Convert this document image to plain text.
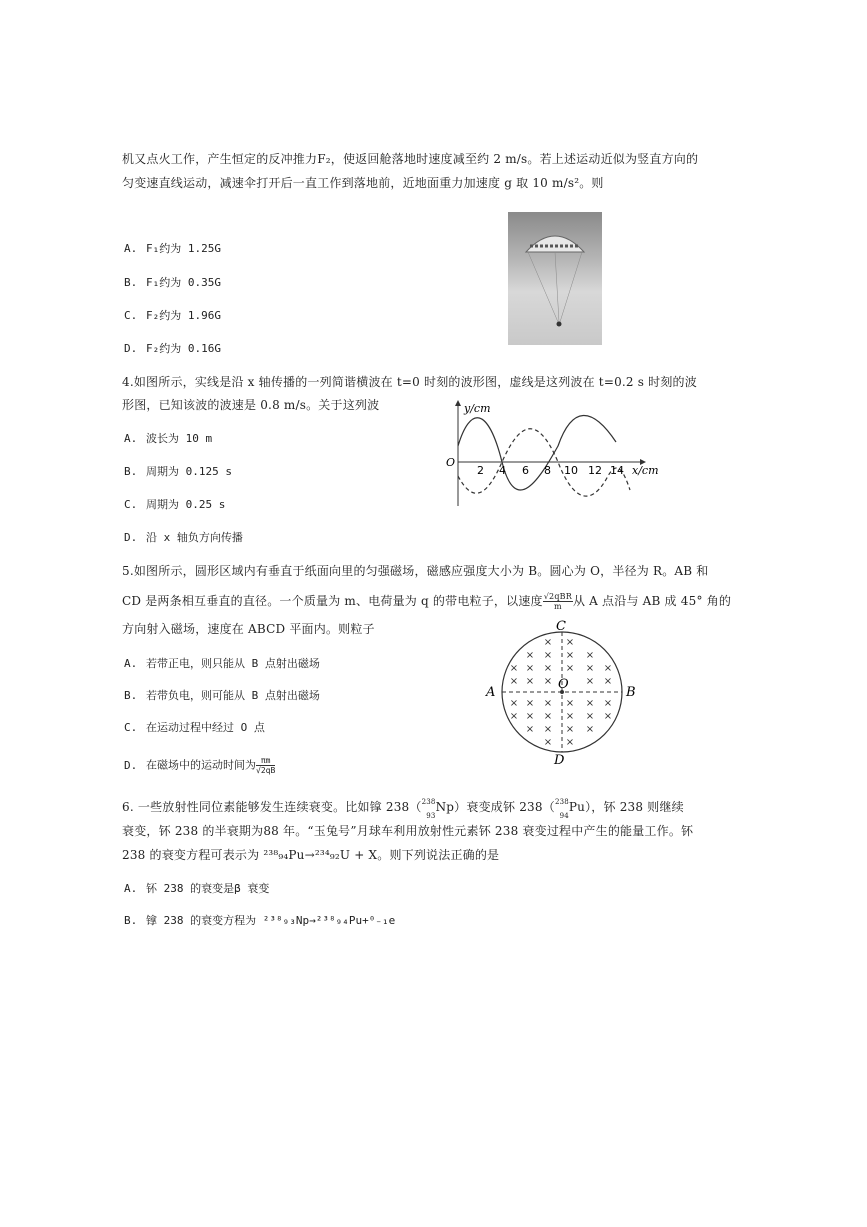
机又点火工作，产生恒定的反冲推力F₂，使返回舱落地时速度减至约 2 m/s。若上述运动近似为竖直方向的
匀变速直线运动，减速伞打开后一直工作到落地前，近地面重力加速度 g 取 10 m/s²。则
A. F₁约为 1.25G
B. F₁约为 0.35G
C. F₂约为 1.96G
D. F₂约为 0.16G
4.如图所示，实线是沿 x 轴传播的一列简谐横波在 t=0 时刻的波形图，虚线是这列波在 t=0.2 s 时刻的波
形图，已知该波的波速是 0.8 m/s。关于这列波
A. 波长为 10 m
B. 周期为 0.125 s
C. 周期为 0.25 s
D. 沿 x 轴负方向传播
y/cm
x/cm
O
2 4 6 8 10 12 14
5.如图所示，圆形区域内有垂直于纸面向里的匀强磁场，磁感应强度大小为 B。圆心为 O，半径为 R。AB 和
CD 是两条相互垂直的直径。一个质量为 m、电荷量为 q 的带电粒子，以速度 $\frac{\text{√2qBR}}{m}$ 从 A 点沿与 AB 成 45° 角的
方向射入磁场，速度在 ABCD 平面内。则粒子
A. 若带正电，则只能从 B 点射出磁场
B. 若带负电，则可能从 B 点射出磁场
C. 在运动过程中经过 O 点
D. 在磁场中的运动时间为 $\frac{\pi m}{√2qB}$
× ×
× × × ×
× × × × × ×
× × ×	× ×
× × × × × ×
× × × × × ×
× × × ×
× ×
A	B
C
D
O
6. 一些放射性同位素能够发生连续衰变。比如镎 238（ 238
93
Np）衰变成钚 238（ 238
94
Pu），钚 238 则继续
衰变，钚 238 的半衰期为88 年。“玉兔号”月球车利用放射性元素钚 238 衰变过程中产生的能量工作。钚
238 的衰变方程可表示为 ²³⁸₉₄Pu→²³⁴₉₂U + X。则下列说法正确的是
A. 钚 238 的衰变是β 衰变
B. 镎 238 的衰变方程为 ²³⁸₉₃Np→²³⁸₉₄Pu+⁰₋₁e
